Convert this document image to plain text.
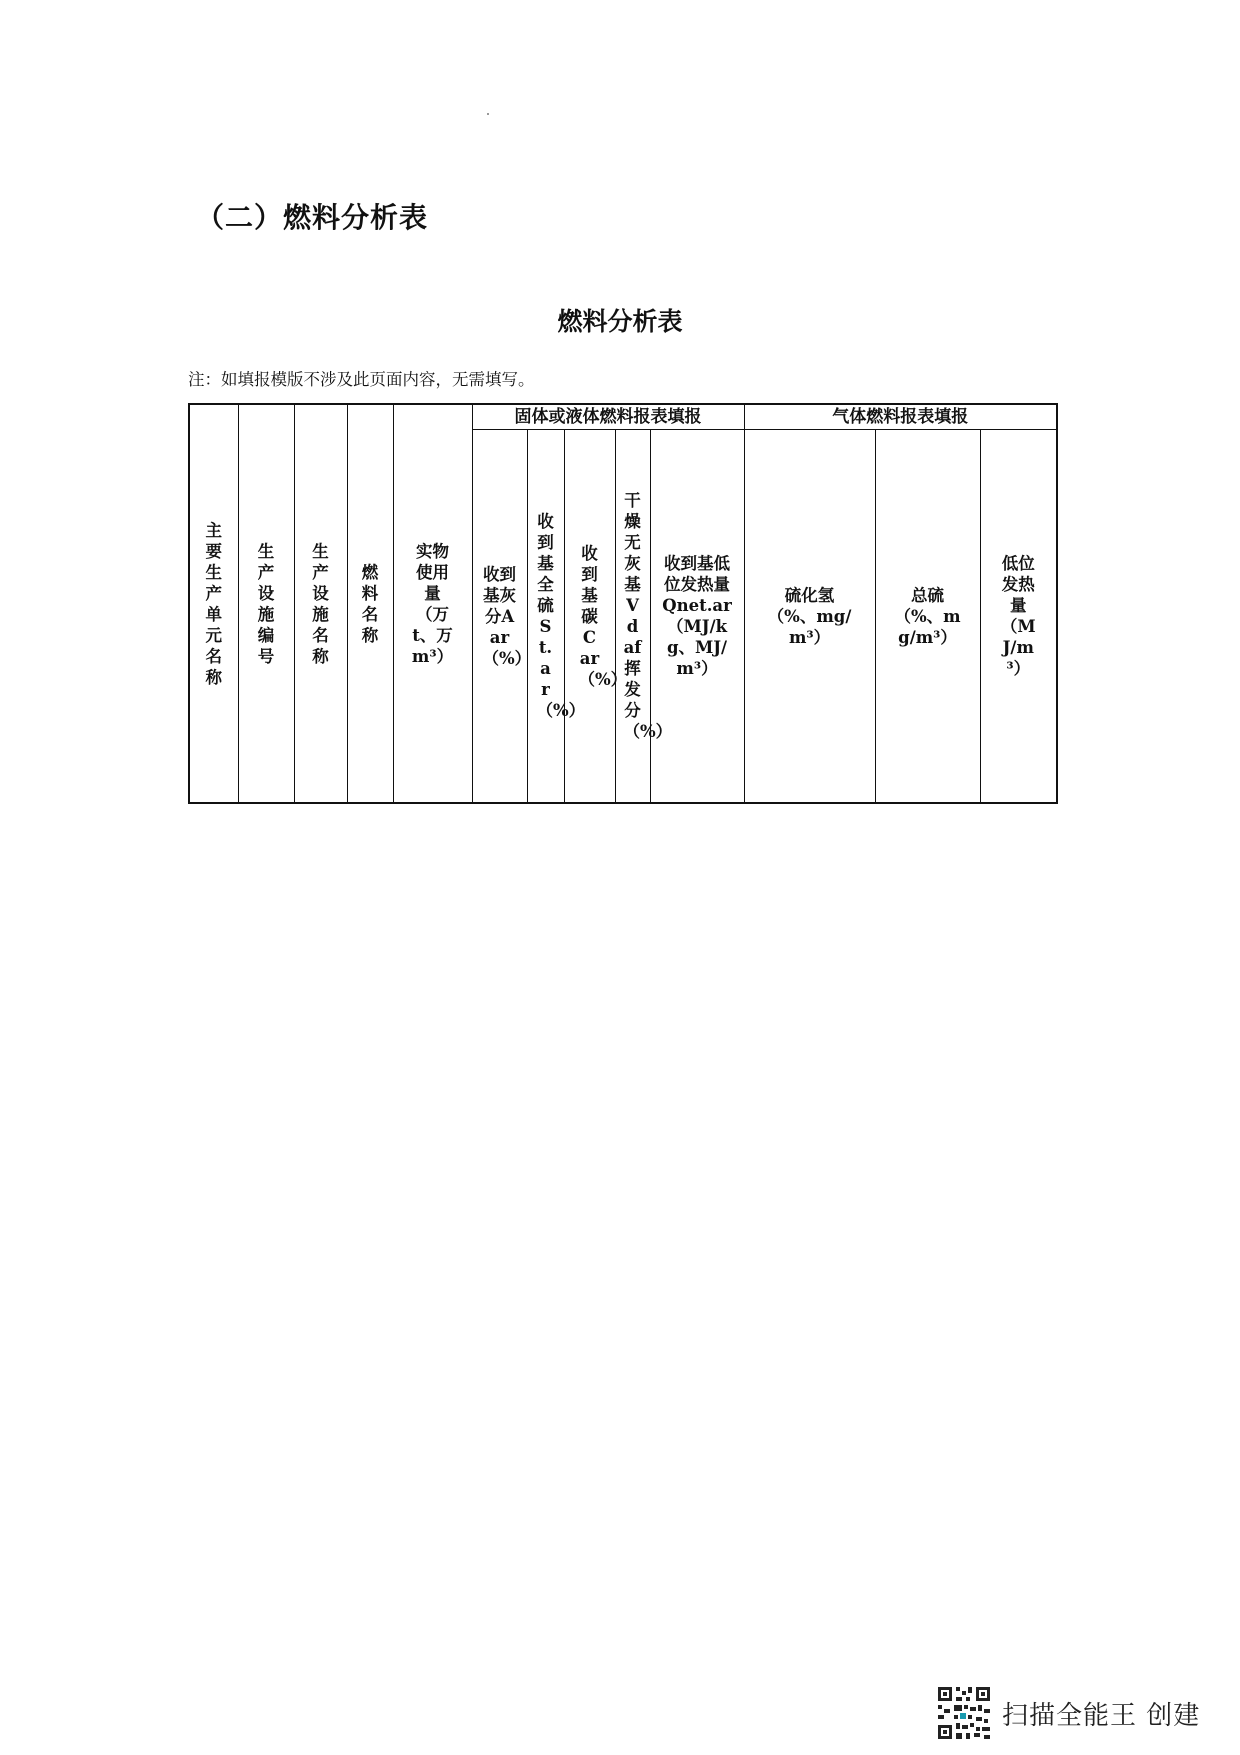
（二）燃料分析表
燃料分析表
注：如填报模版不涉及此页面内容，无需填写。
主要生产单元名称	生产设施编号	生产设施名称	燃料名称	实物使用量（万t、万m³）	固体或液体燃料报表填报					气体燃料报表填报		

					收到基灰分Aar（%）	收到基全硫St.ar（%）	收到基碳Car（%）	干燥无灰基Vdaf挥发分（%）	收到基低位发热量Qnet.ar（MJ/kg、MJ/m³）	硫化氢（%、mg/m³）	总硫（%、mg/m³）	低位发热量（MJ/m³）
扫描全能王 创建
